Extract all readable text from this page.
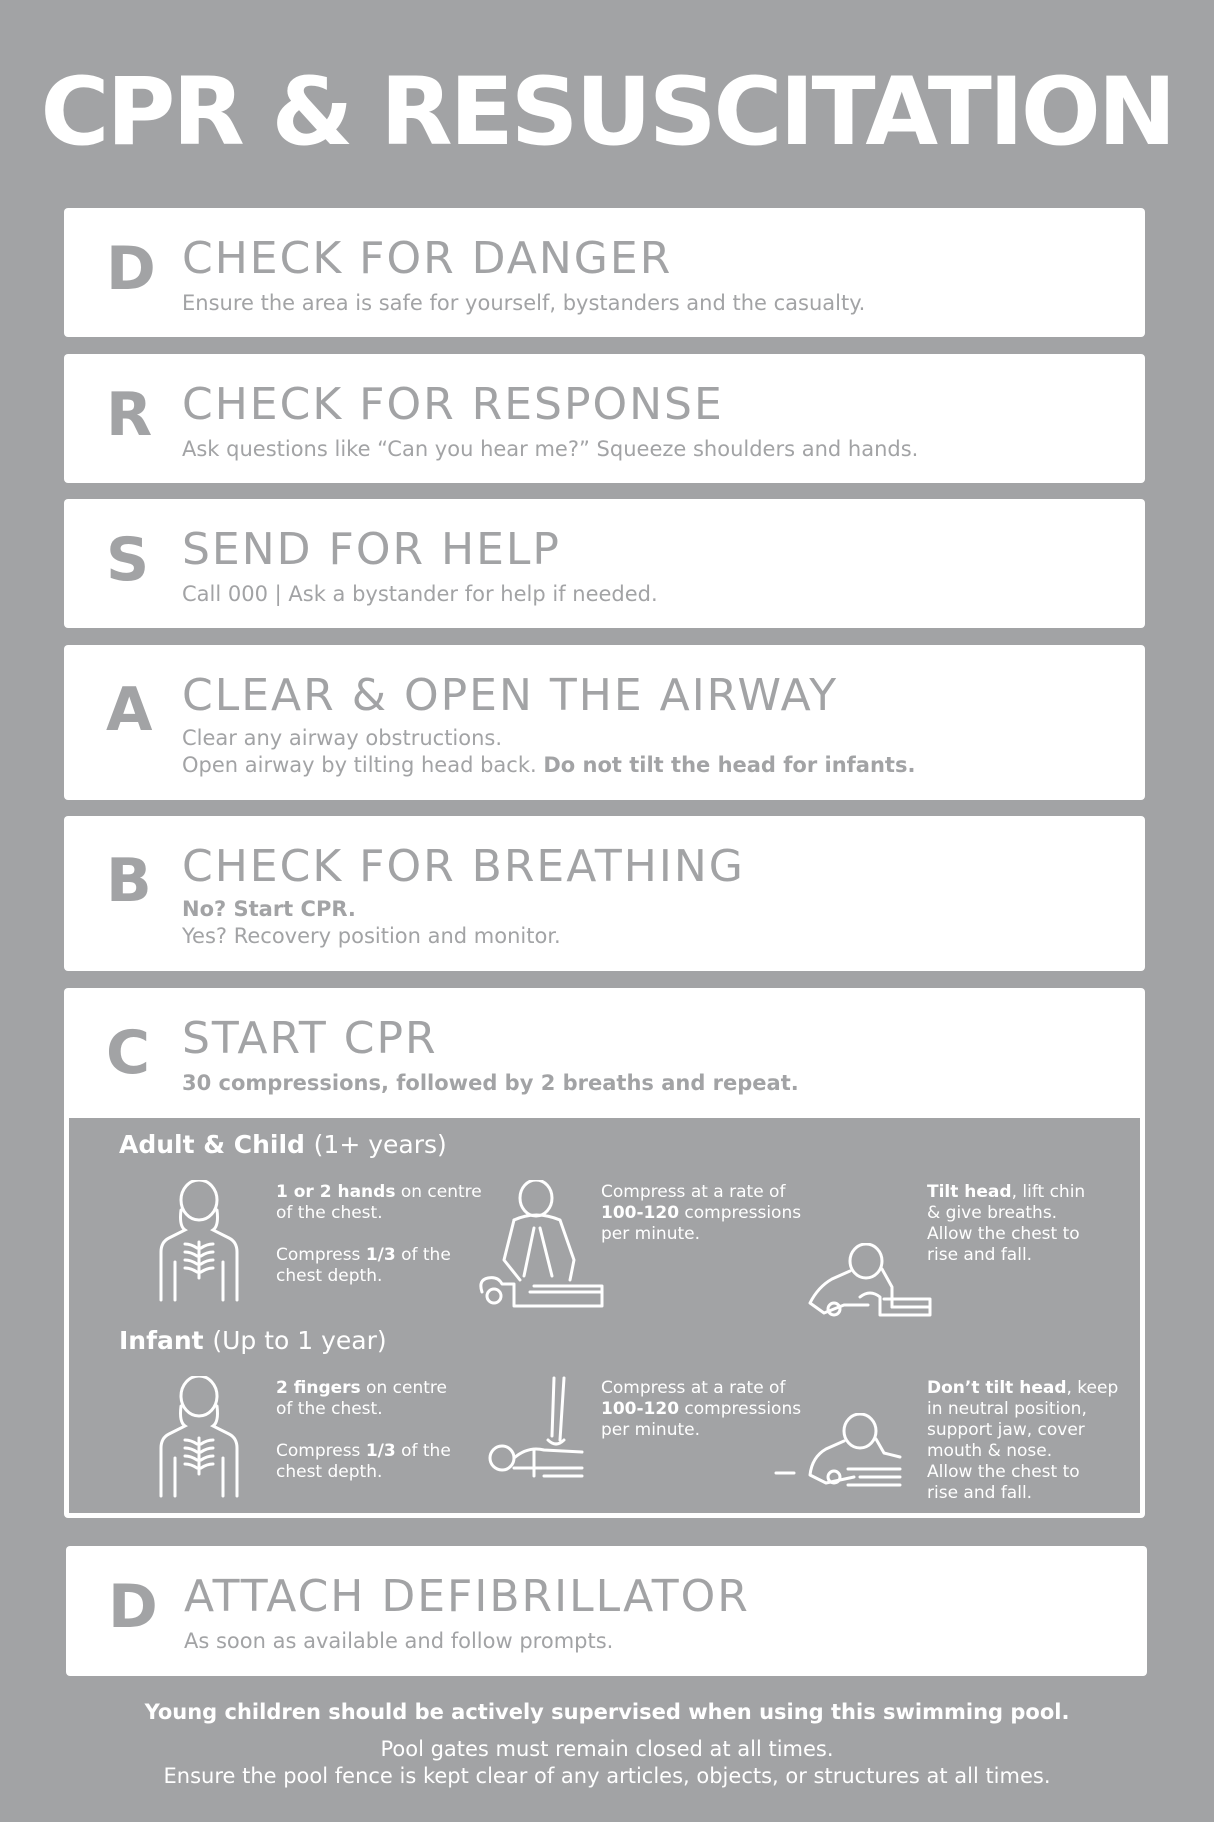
CPR & RESUSCITATION
D CHECK FOR DANGER
Ensure the area is safe for yourself, bystanders and the casualty.
R CHECK FOR RESPONSE
Ask questions like “Can you hear me?” Squeeze shoulders and hands.
S SEND FOR HELP
Call 000 | Ask a bystander for help if needed.
A CLEAR & OPEN THE AIRWAY
Clear any airway obstructions.
Open airway by tilting head back. Do not tilt the head for infants.
B CHECK FOR BREATHING
No? Start CPR.
Yes? Recovery position and monitor.
C START CPR
30 compressions, followed by 2 breaths and repeat.
Adult & Child (1+ years)
1 or 2 hands on centre
of the chest.
Compress 1/3 of the
chest depth.
Compress at a rate of
100-120 compressions
per minute.
Tilt head, lift chin
& give breaths.
Allow the chest to
rise and fall.
Infant (Up to 1 year)
2 fingers on centre
of the chest.
Compress 1/3 of the
chest depth.
Compress at a rate of
100-120 compressions
per minute.
Don’t tilt head, keep
in neutral position,
support jaw, cover
mouth & nose.
Allow the chest to
rise and fall.
D ATTACH DEFIBRILLATOR
As soon as available and follow prompts.
Young children should be actively supervised when using this swimming pool.
Pool gates must remain closed at all times.
Ensure the pool fence is kept clear of any articles, objects, or structures at all times.
